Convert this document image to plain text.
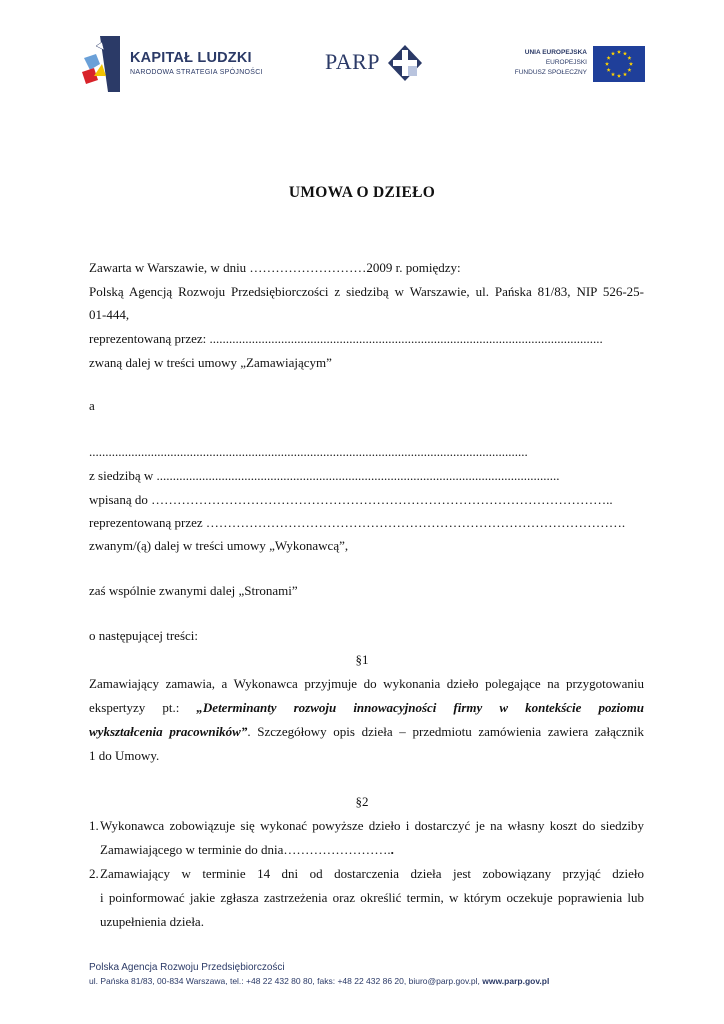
KAPITAŁ LUDZKI
NARODOWA STRATEGIA SPÓJNOŚCI	PARP	UNIA EUROPEJSKA
EUROPEJSKI
FUNDUSZ SPOŁECZNY
UMOWA O DZIEŁO
Zawarta w Warszawie, w dniu ………………………2009 r. pomiędzy:
Polską Agencją Rozwoju Przedsiębiorczości z siedzibą w Warszawie, ul. Pańska 81/83, NIP 526-25-
01-444,
reprezentowaną przez: .........................................................................................................................
zwaną dalej w treści umowy „Zamawiającym”
a
.......................................................................................................................................
z siedzibą w ............................................................................................................................
wpisaną do ……………………………………………………………………………………………..
reprezentowaną przez …………………………………………………………………………………….
zwanym/(ą) dalej w treści umowy „Wykonawcą”,
zaś wspólnie zwanymi dalej „Stronami”
o następującej treści:
§1
Zamawiający zamawia, a Wykonawca przyjmuje do wykonania dzieło polegające na przygotowaniu
ekspertyzy pt.: „Determinanty rozwoju innowacyjności firmy w kontekście poziomu
wykształcenia pracowników”. Szczegółowy opis dzieła – przedmiotu zamówienia zawiera załącznik
1 do Umowy.
§2
1. Wykonawca zobowiązuje się wykonać powyższe dzieło i dostarczyć je na własny koszt do siedziby
Zamawiającego w terminie do dnia……………………..
2. Zamawiający w terminie 14 dni od dostarczenia dzieła jest zobowiązany przyjąć dzieło
i poinformować jakie zgłasza zastrzeżenia oraz określić termin, w którym oczekuje poprawienia lub
uzupełnienia dzieła.
Polska Agencja Rozwoju Przedsiębiorczości
ul. Pańska 81/83, 00-834 Warszawa, tel.: +48 22 432 80 80, faks: +48 22 432 86 20, biuro@parp.gov.pl, www.parp.gov.pl
